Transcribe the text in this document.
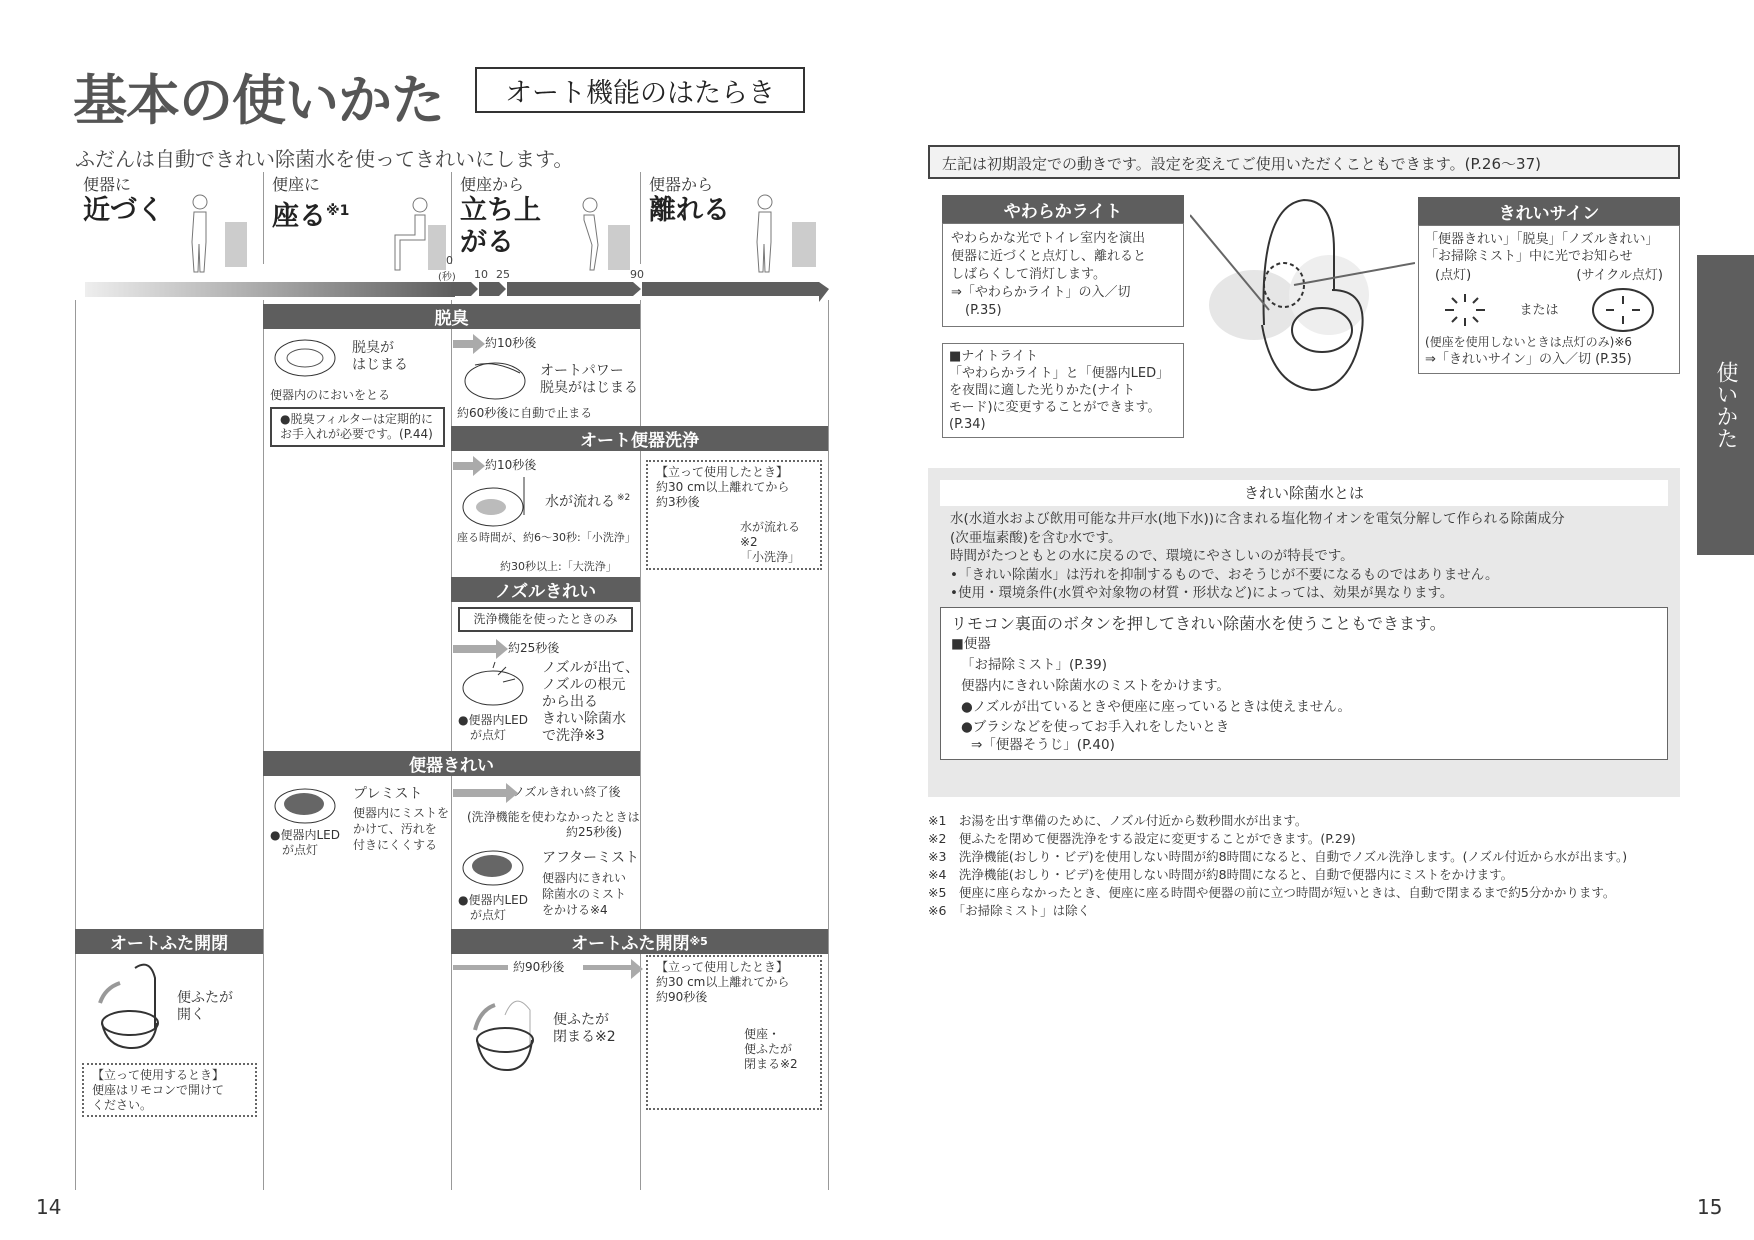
基本の使いかた	オート機能のはたらき
ふだんは自動できれい除菌水を使ってきれいにします。
便器に
近づく
便座に
座る$^{※1}$
便座から
立ち上がる
便器から
離れる
0
(秒) 10 25	90
脱臭
脱臭が
はじまる
便器内のにおいをとる
●脱臭フィルターは定期的にお手入れが必要です。(P.44)
約10秒後
オートパワー
脱臭がはじまる
約60秒後に自動で止まる
オート便器洗浄
約10秒後
水が流れる ※2
座る時間が、約6～30秒:「小洗浄」
約30秒以上:「大洗浄」
【立って使用したとき】
約30 cm以上離れてから
約3秒後
水が流れる※2
「小洗浄」
ノズルきれい
洗浄機能を使ったときのみ
約25秒後
ノズルが出て、
ノズルの根元
から出る
きれい除菌水
で洗浄※3
●便器内LED
が点灯
便器きれい
プレミスト
便器内にミストを
かけて、汚れを
付きにくくする
●便器内LED
が点灯
ノズルきれい終了後
(洗浄機能を使わなかったときは
約25秒後)
アフターミスト
便器内にきれい
除菌水のミスト
をかける※4
●便器内LED
が点灯
オートふた開閉
便ふたが
開く
【立って使用するとき】
便座はリモコンで開けて
ください。
オートふた開閉 ※5
約90秒後
便ふたが
閉まる※2
【立って使用したとき】
約30 cm以上離れてから
約90秒後
便座・
便ふたが
閉まる※2
14	15
左記は初期設定での動きです。設定を変えてご使用いただくこともできます。(P.26～37)
やわらかライト
やわらかな光でトイレ室内を演出
便器に近づくと点灯し、離れると
しばらくして消灯します。
⇒「やわらかライト」の入／切
(P.35)
■ナイトライト
「やわらかライト」と「便器内LED」
を夜間に適した光りかた(ナイト
モード)に変更することができます。
(P.34)
きれいサイン
「便器きれい」「脱臭」「ノズルきれい」
「お掃除ミスト」中に光でお知らせ
(点灯)	(サイクル点灯)
または
(便座を使用しないときは点灯のみ)※6
⇒「きれいサイン」の入／切 (P.35)
きれい除菌水とは
水(水道水および飲用可能な井戸水(地下水))に含まれる塩化物イオンを電気分解して作られる除菌成分
(次亜塩素酸)を含む水です。
時間がたつともとの水に戻るので、環境にやさしいのが特長です。
•「きれい除菌水」は汚れを抑制するもので、おそうじが不要になるものではありません。
•使用・環境条件(水質や対象物の材質・形状など)によっては、効果が異なります。
リモコン裏面のボタンを押してきれい除菌水を使うこともできます。
■便器
「お掃除ミスト」(P.39)
便器内にきれい除菌水のミストをかけます。
●ノズルが出ているときや便座に座っているときは使えません。
●ブラシなどを使ってお手入れをしたいとき
⇒「便器そうじ」(P.40)
※1　お湯を出す準備のために、ノズル付近から数秒間水が出ます。
※2　便ふたを閉めて便器洗浄をする設定に変更することができます。(P.29)
※3　洗浄機能(おしり・ビデ)を使用しない時間が約8時間になると、自動でノズル洗浄します。(ノズル付近から水が出ます。)
※4　洗浄機能(おしり・ビデ)を使用しない時間が約8時間になると、自動で便器内にミストをかけます。
※5　便座に座らなかったとき、便座に座る時間や便器の前に立つ時間が短いときは、自動で閉まるまで約5分かかります。
※6　「お掃除ミスト」は除く
使いかた
